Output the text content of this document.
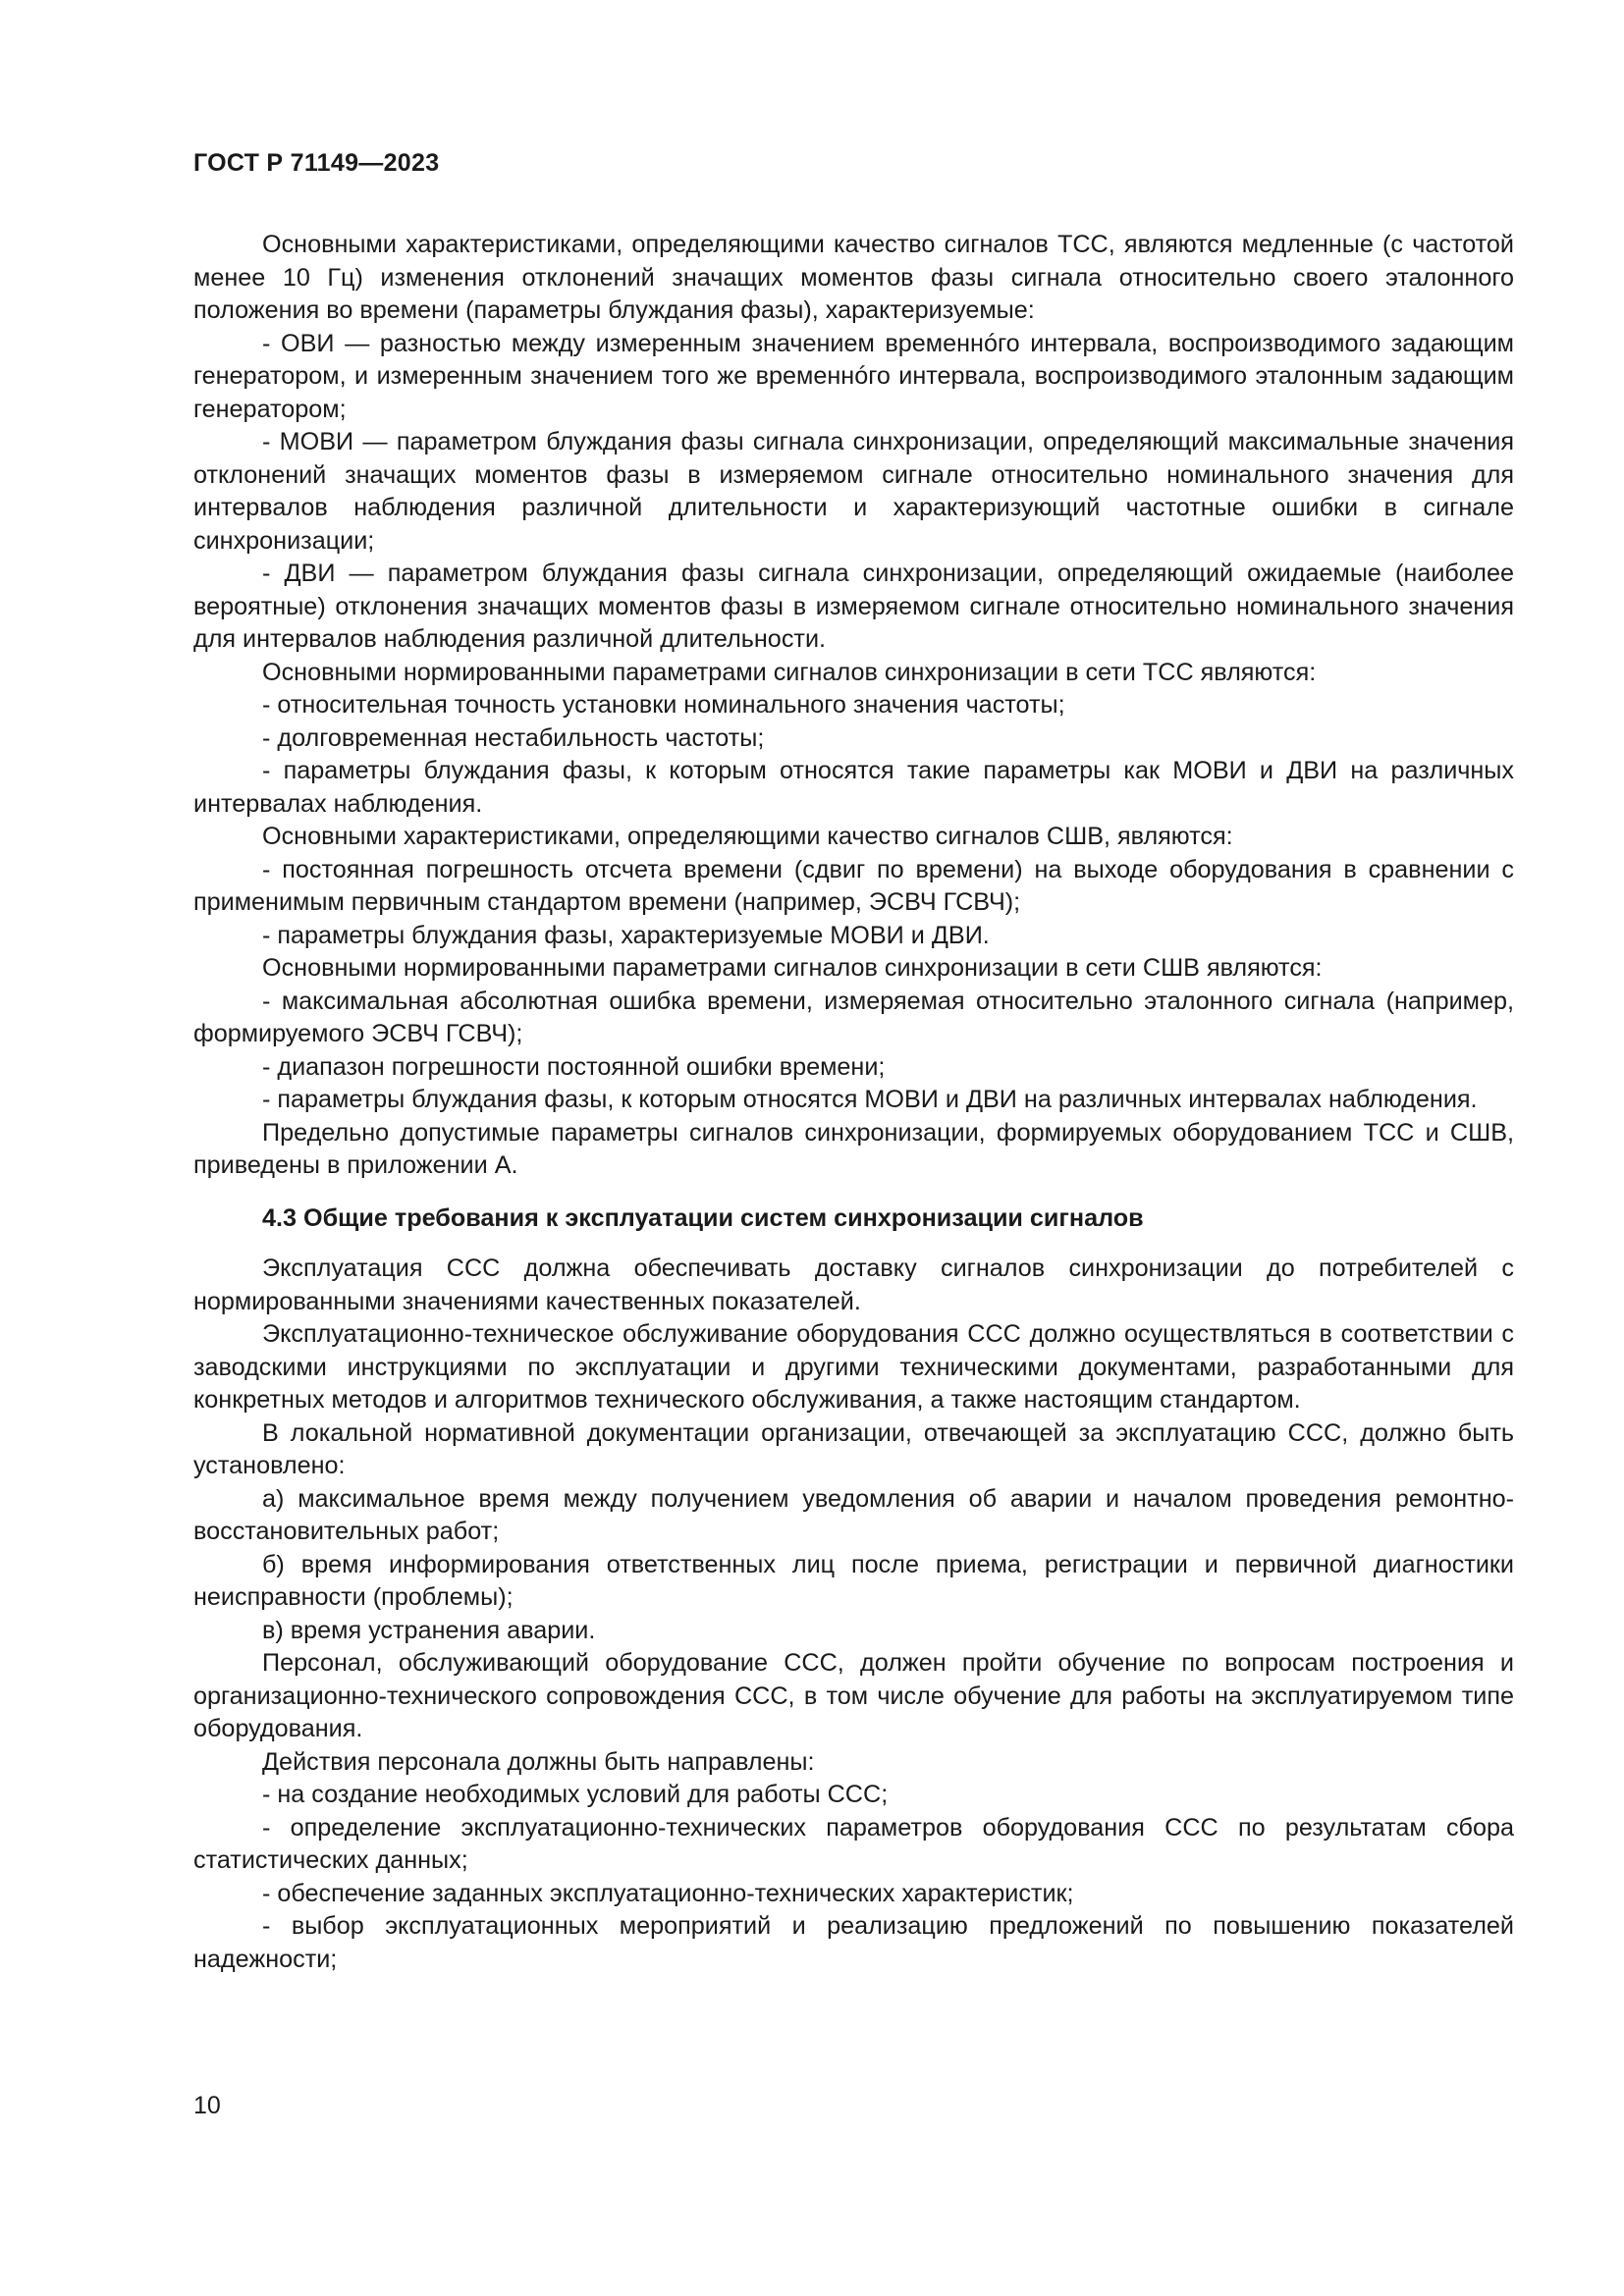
ГОСТ Р 71149—2023

Основными характеристиками, определяющими качество сигналов ТСС, являются медленные (с частотой менее 10 Гц) изменения отклонений значащих моментов фазы сигнала относительно своего эталонного положения во времени (параметры блуждания фазы), характеризуемые:

- ОВИ — разностью между измеренным значением временнóго интервала, воспроизводимого задающим генератором, и измеренным значением того же временнóго интервала, воспроизводимого эталонным задающим генератором;

- МОВИ — параметром блуждания фазы сигнала синхронизации, определяющий максимальные значения отклонений значащих моментов фазы в измеряемом сигнале относительно номинального значения для интервалов наблюдения различной длительности и характеризующий частотные ошибки в сигнале синхронизации;

- ДВИ — параметром блуждания фазы сигнала синхронизации, определяющий ожидаемые (наиболее вероятные) отклонения значащих моментов фазы в измеряемом сигнале относительно номинального значения для интервалов наблюдения различной длительности.

Основными нормированными параметрами сигналов синхронизации в сети ТСС являются:

- относительная точность установки номинального значения частоты;

- долговременная нестабильность частоты;

- параметры блуждания фазы, к которым относятся такие параметры как МОВИ и ДВИ на различных интервалах наблюдения.

Основными характеристиками, определяющими качество сигналов СШВ, являются:

- постоянная погрешность отсчета времени (сдвиг по времени) на выходе оборудования в сравнении с применимым первичным стандартом времени (например, ЭСВЧ ГСВЧ);

- параметры блуждания фазы, характеризуемые МОВИ и ДВИ.

Основными нормированными параметрами сигналов синхронизации в сети СШВ являются:

- максимальная абсолютная ошибка времени, измеряемая относительно эталонного сигнала (например, формируемого ЭСВЧ ГСВЧ);

- диапазон погрешности постоянной ошибки времени;

- параметры блуждания фазы, к которым относятся МОВИ и ДВИ на различных интервалах наблюдения.

Предельно допустимые параметры сигналов синхронизации, формируемых оборудованием ТСС и СШВ, приведены в приложении А.

4.3 Общие требования к эксплуатации систем синхронизации сигналов

Эксплуатация ССС должна обеспечивать доставку сигналов синхронизации до потребителей с нормированными значениями качественных показателей.

Эксплуатационно-техническое обслуживание оборудования ССС должно осуществляться в соответствии с заводскими инструкциями по эксплуатации и другими техническими документами, разработанными для конкретных методов и алгоритмов технического обслуживания, а также настоящим стандартом.

В локальной нормативной документации организации, отвечающей за эксплуатацию ССС, должно быть установлено:

а) максимальное время между получением уведомления об аварии и началом проведения ремонтно-восстановительных работ;

б) время информирования ответственных лиц после приема, регистрации и первичной диагностики неисправности (проблемы);

в) время устранения аварии.

Персонал, обслуживающий оборудование ССС, должен пройти обучение по вопросам построения и организационно-технического сопровождения ССС, в том числе обучение для работы на эксплуатируемом типе оборудования.

Действия персонала должны быть направлены:

- на создание необходимых условий для работы ССС;

- определение эксплуатационно-технических параметров оборудования ССС по результатам сбора статистических данных;

- обеспечение заданных эксплуатационно-технических характеристик;

- выбор эксплуатационных мероприятий и реализацию предложений по повышению показателей надежности;

10
